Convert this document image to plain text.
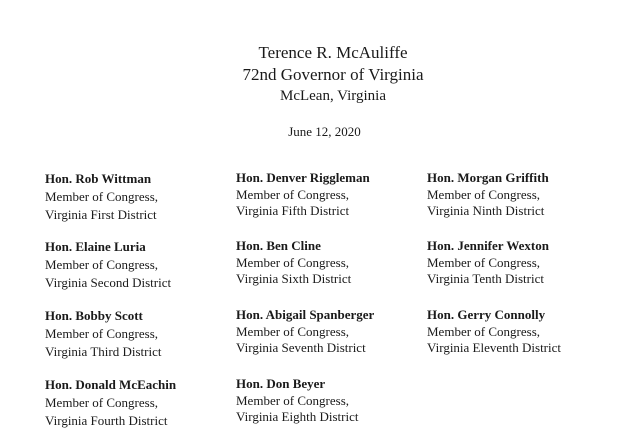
Terence R. McAuliffe
72nd Governor of Virginia
McLean, Virginia
June 12, 2020
Hon. Rob Wittman
Member of Congress,
Virginia First District
Hon. Elaine Luria
Member of Congress,
Virginia Second District
Hon. Bobby Scott
Member of Congress,
Virginia Third District
Hon. Donald McEachin
Member of Congress,
Virginia Fourth District
Hon. Denver Riggleman
Member of Congress,
Virginia Fifth District
Hon. Ben Cline
Member of Congress,
Virginia Sixth District
Hon. Abigail Spanberger
Member of Congress,
Virginia Seventh District
Hon. Don Beyer
Member of Congress,
Virginia Eighth District
Hon. Morgan Griffith
Member of Congress,
Virginia Ninth District
Hon. Jennifer Wexton
Member of Congress,
Virginia Tenth District
Hon. Gerry Connolly
Member of Congress,
Virginia Eleventh District
